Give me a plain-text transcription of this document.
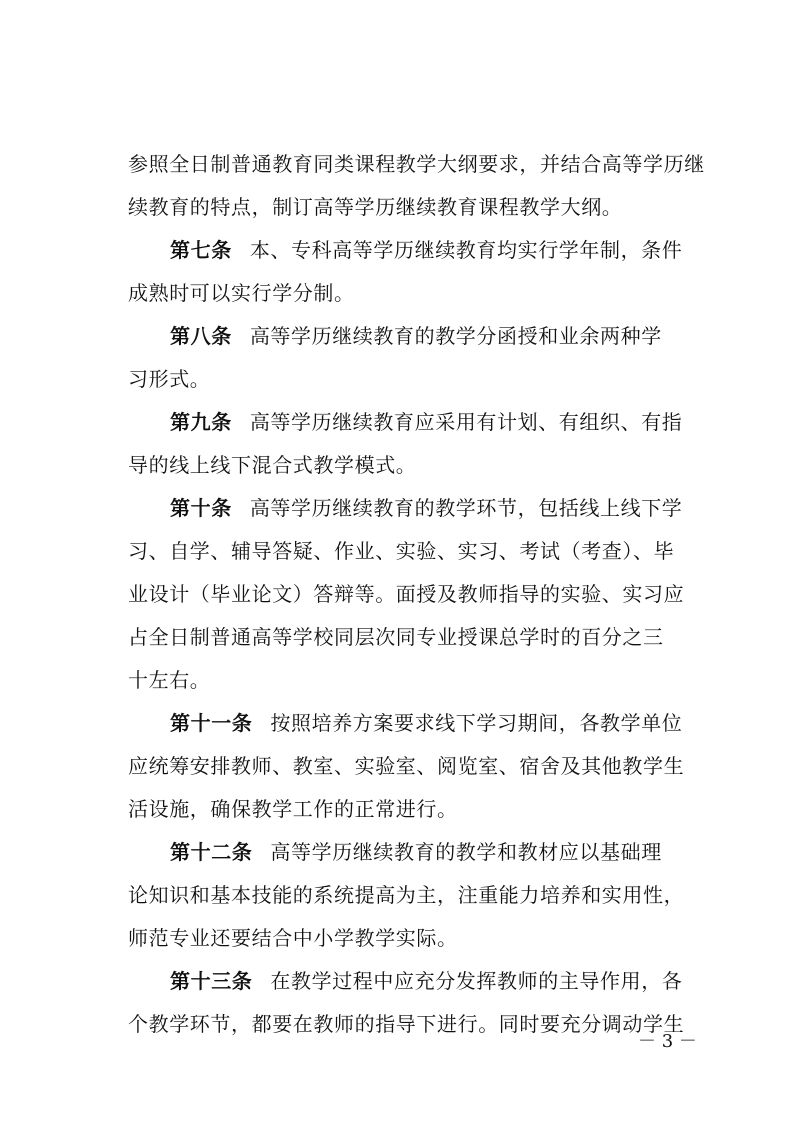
参照全日制普通教育同类课程教学大纲要求，并结合高等学历继
续教育的特点，制订高等学历继续教育课程教学大纲。
第七条 本、专科高等学历继续教育均实行学年制，条件
成熟时可以实行学分制。
第八条 高等学历继续教育的教学分函授和业余两种学
习形式。
第九条 高等学历继续教育应采用有计划、有组织、有指
导的线上线下混合式教学模式。
第十条 高等学历继续教育的教学环节，包括线上线下学
习、自学、辅导答疑、作业、实验、实习、考试（考查）、毕
业设计（毕业论文）答辩等。面授及教师指导的实验、实习应
占全日制普通高等学校同层次同专业授课总学时的百分之三
十左右。
第十一条 按照培养方案要求线下学习期间，各教学单位
应统筹安排教师、教室、实验室、阅览室、宿舍及其他教学生
活设施，确保教学工作的正常进行。
第十二条 高等学历继续教育的教学和教材应以基础理
论知识和基本技能的系统提高为主，注重能力培养和实用性，
师范专业还要结合中小学教学实际。
第十三条 在教学过程中应充分发挥教师的主导作用，各
个教学环节，都要在教师的指导下进行。同时要充分调动学生
－ 3 －
